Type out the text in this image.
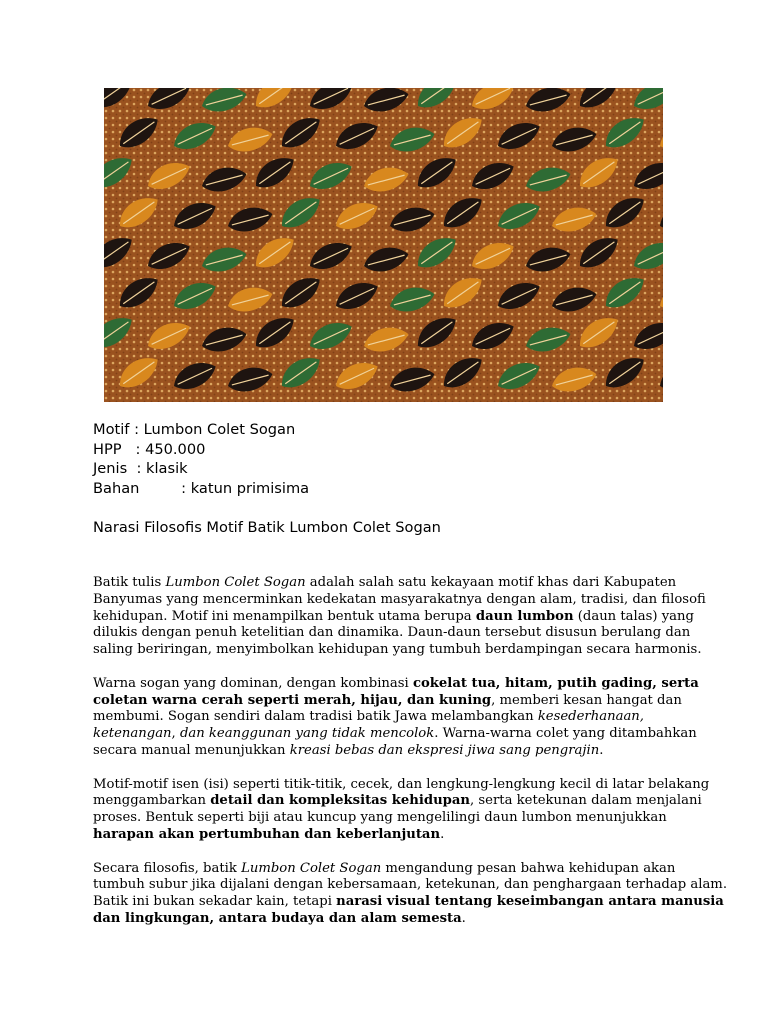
Motif : Lumbon Colet Sogan
HPP   : 450.000
Jenis  : klasik
Bahan         : katun primisima
Narasi Filosofis Motif Batik Lumbon Colet Sogan

Batik tulis Lumbon Colet Sogan adalah salah satu kekayaan motif khas dari Kabupaten
Banyumas yang mencerminkan kedekatan masyarakatnya dengan alam, tradisi, dan filosofi
kehidupan. Motif ini menampilkan bentuk utama berupa daun lumbon (daun talas) yang
dilukis dengan penuh ketelitian dan dinamika. Daun-daun tersebut disusun berulang dan
saling beriringan, menyimbolkan kehidupan yang tumbuh berdampingan secara harmonis.

Warna sogan yang dominan, dengan kombinasi cokelat tua, hitam, putih gading, serta
coletan warna cerah seperti merah, hijau, dan kuning, memberi kesan hangat dan
membumi. Sogan sendiri dalam tradisi batik Jawa melambangkan kesederhanaan,
ketenangan, dan keanggunan yang tidak mencolok. Warna-warna colet yang ditambahkan
secara manual menunjukkan kreasi bebas dan ekspresi jiwa sang pengrajin.

Motif-motif isen (isi) seperti titik-titik, cecek, dan lengkung-lengkung kecil di latar belakang
menggambarkan detail dan kompleksitas kehidupan, serta ketekunan dalam menjalani
proses. Bentuk seperti biji atau kuncup yang mengelilingi daun lumbon menunjukkan
harapan akan pertumbuhan dan keberlanjutan.

Secara filosofis, batik Lumbon Colet Sogan mengandung pesan bahwa kehidupan akan
tumbuh subur jika dijalani dengan kebersamaan, ketekunan, dan penghargaan terhadap alam.
Batik ini bukan sekadar kain, tetapi narasi visual tentang keseimbangan antara manusia
dan lingkungan, antara budaya dan alam semesta.
